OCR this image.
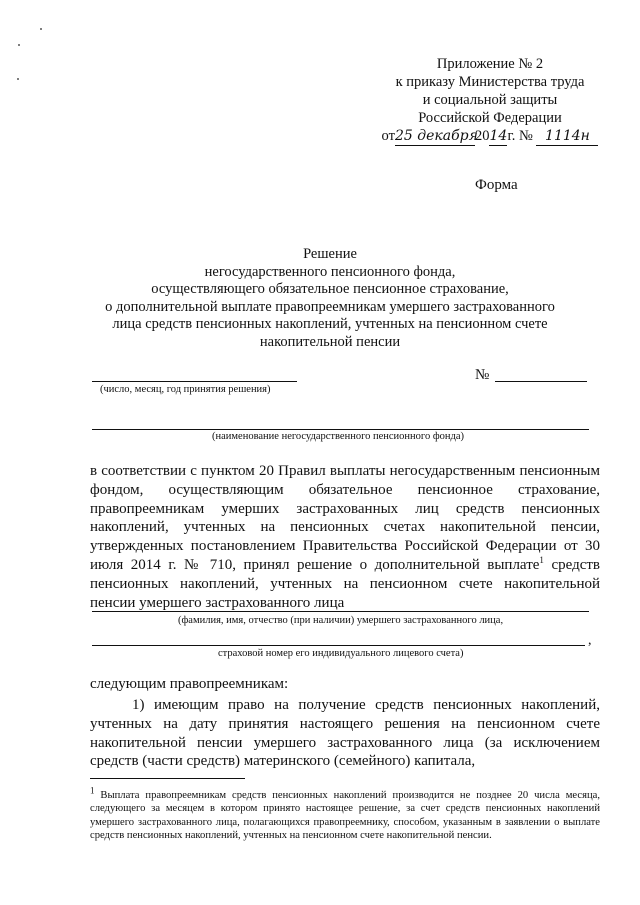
Приложение № 2
к приказу Министерства труда
и социальной защиты
Российской Федерации
от25 декабря2014г. № 1114н
Форма
Решение
негосударственного пенсионного фонда,
осуществляющего обязательное пенсионное страхование,
о дополнительной выплате правопреемникам умершего застрахованного
лица средств пенсионных накоплений, учтенных на пенсионном счете
накопительной пенсии
(число, месяц, год принятия решения)
№
(наименование негосударственного пенсионного фонда)
в соответствии с пунктом 20 Правил выплаты негосударственным пенсионным фондом, осуществляющим обязательное пенсионное страхование, правопреемникам умерших застрахованных лиц средств пенсионных накоплений, учтенных на пенсионных счетах накопительной пенсии, утвержденных постановлением Правительства Российской Федерации от 30 июля 2014 г. № 710, принял решение о дополнительной выплате$^1$ средств пенсионных накоплений, учтенных на пенсионном счете накопительной пенсии умершего застрахованного лица
(фамилия, имя, отчество (при наличии) умершего застрахованного лица,
,
страховой номер его индивидуального лицевого счета)
следующим правопреемникам:
1) имеющим право на получение средств пенсионных накоплений, учтенных на дату принятия настоящего решения на пенсионном счете накопительной пенсии умершего застрахованного лица (за исключением средств (части средств) материнского (семейного) капитала,
$^1$ Выплата правопреемникам средств пенсионных накоплений производится не позднее 20 числа месяца, следующего за месяцем в котором принято настоящее решение, за счет средств пенсионных накоплений умершего застрахованного лица, полагающихся правопреемнику, способом, указанным в заявлении о выплате средств пенсионных накоплений, учтенных на пенсионном счете накопительной пенсии.
